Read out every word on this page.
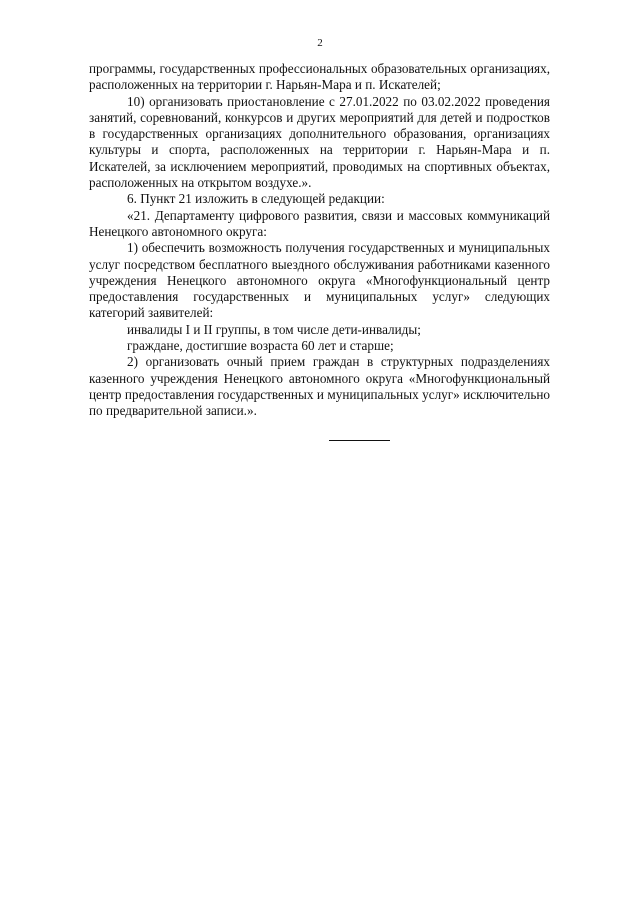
2

программы, государственных профессиональных образовательных организациях, расположенных на территории г. Нарьян-Мара и п. Искателей;

10) организовать приостановление с 27.01.2022 по 03.02.2022 проведения занятий, соревнований, конкурсов и других мероприятий для детей и подростков в государственных организациях дополнительного образования, организациях культуры и спорта, расположенных на территории г. Нарьян-Мара и п. Искателей, за исключением мероприятий, проводимых на спортивных объектах, расположенных на открытом воздухе.».

6. Пункт 21 изложить в следующей редакции:

«21. Департаменту цифрового развития, связи и массовых коммуникаций Ненецкого автономного округа:

1) обеспечить возможность получения государственных и муниципальных услуг посредством бесплатного выездного обслуживания работниками казенного учреждения Ненецкого автономного округа «Многофункциональный центр предоставления государственных и муниципальных услуг» следующих категорий заявителей:

инвалиды I и II группы, в том числе дети-инвалиды;

граждане, достигшие возраста 60 лет и старше;

2) организовать очный прием граждан в структурных подразделениях казенного учреждения Ненецкого автономного округа «Многофункциональный центр предоставления государственных и муниципальных услуг» исключительно по предварительной записи.».
